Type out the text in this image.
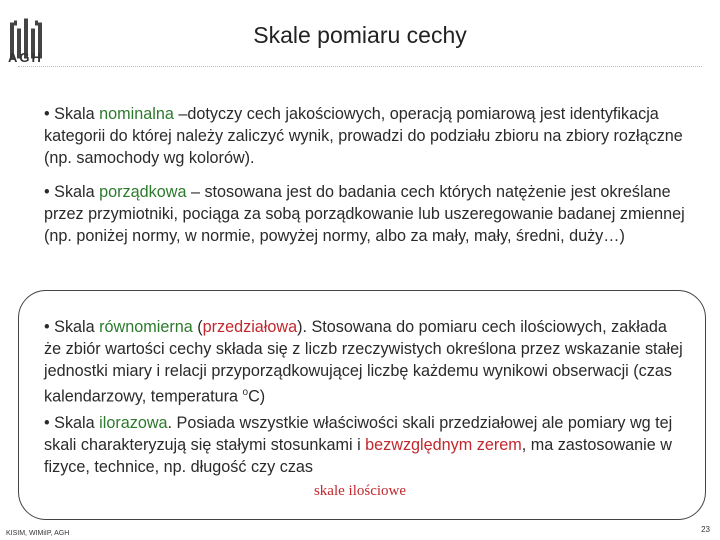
AGH
Skale pomiaru cechy
• Skala nominalna –dotyczy cech jakościowych, operacją pomiarową jest identyfikacja kategorii do której należy zaliczyć wynik, prowadzi do podziału zbioru na zbiory rozłączne (np. samochody wg kolorów).
• Skala porządkowa – stosowana jest do badania cech których natężenie jest określane przez przymiotniki, pociąga za sobą porządkowanie lub uszeregowanie badanej zmiennej (np. poniżej normy, w normie, powyżej normy, albo za mały, mały, średni, duży…)
• Skala równomierna (przedziałowa). Stosowana do pomiaru cech ilościowych, zakłada że zbiór wartości cechy składa się z liczb rzeczywistych określona przez wskazanie stałej jednostki miary i relacji przyporządkowującej liczbę każdemu wynikowi obserwacji (czas kalendarzowy, temperatura $^o$C)
• Skala ilorazowa. Posiada wszystkie właściwości skali przedziałowej ale pomiary wg tej skali charakteryzują się stałymi stosunkami i bezwzględnym zerem, ma zastosowanie w fizyce, technice, np. długość czy czas
skale ilościowe
KISIM, WIMiIP, AGH	23
